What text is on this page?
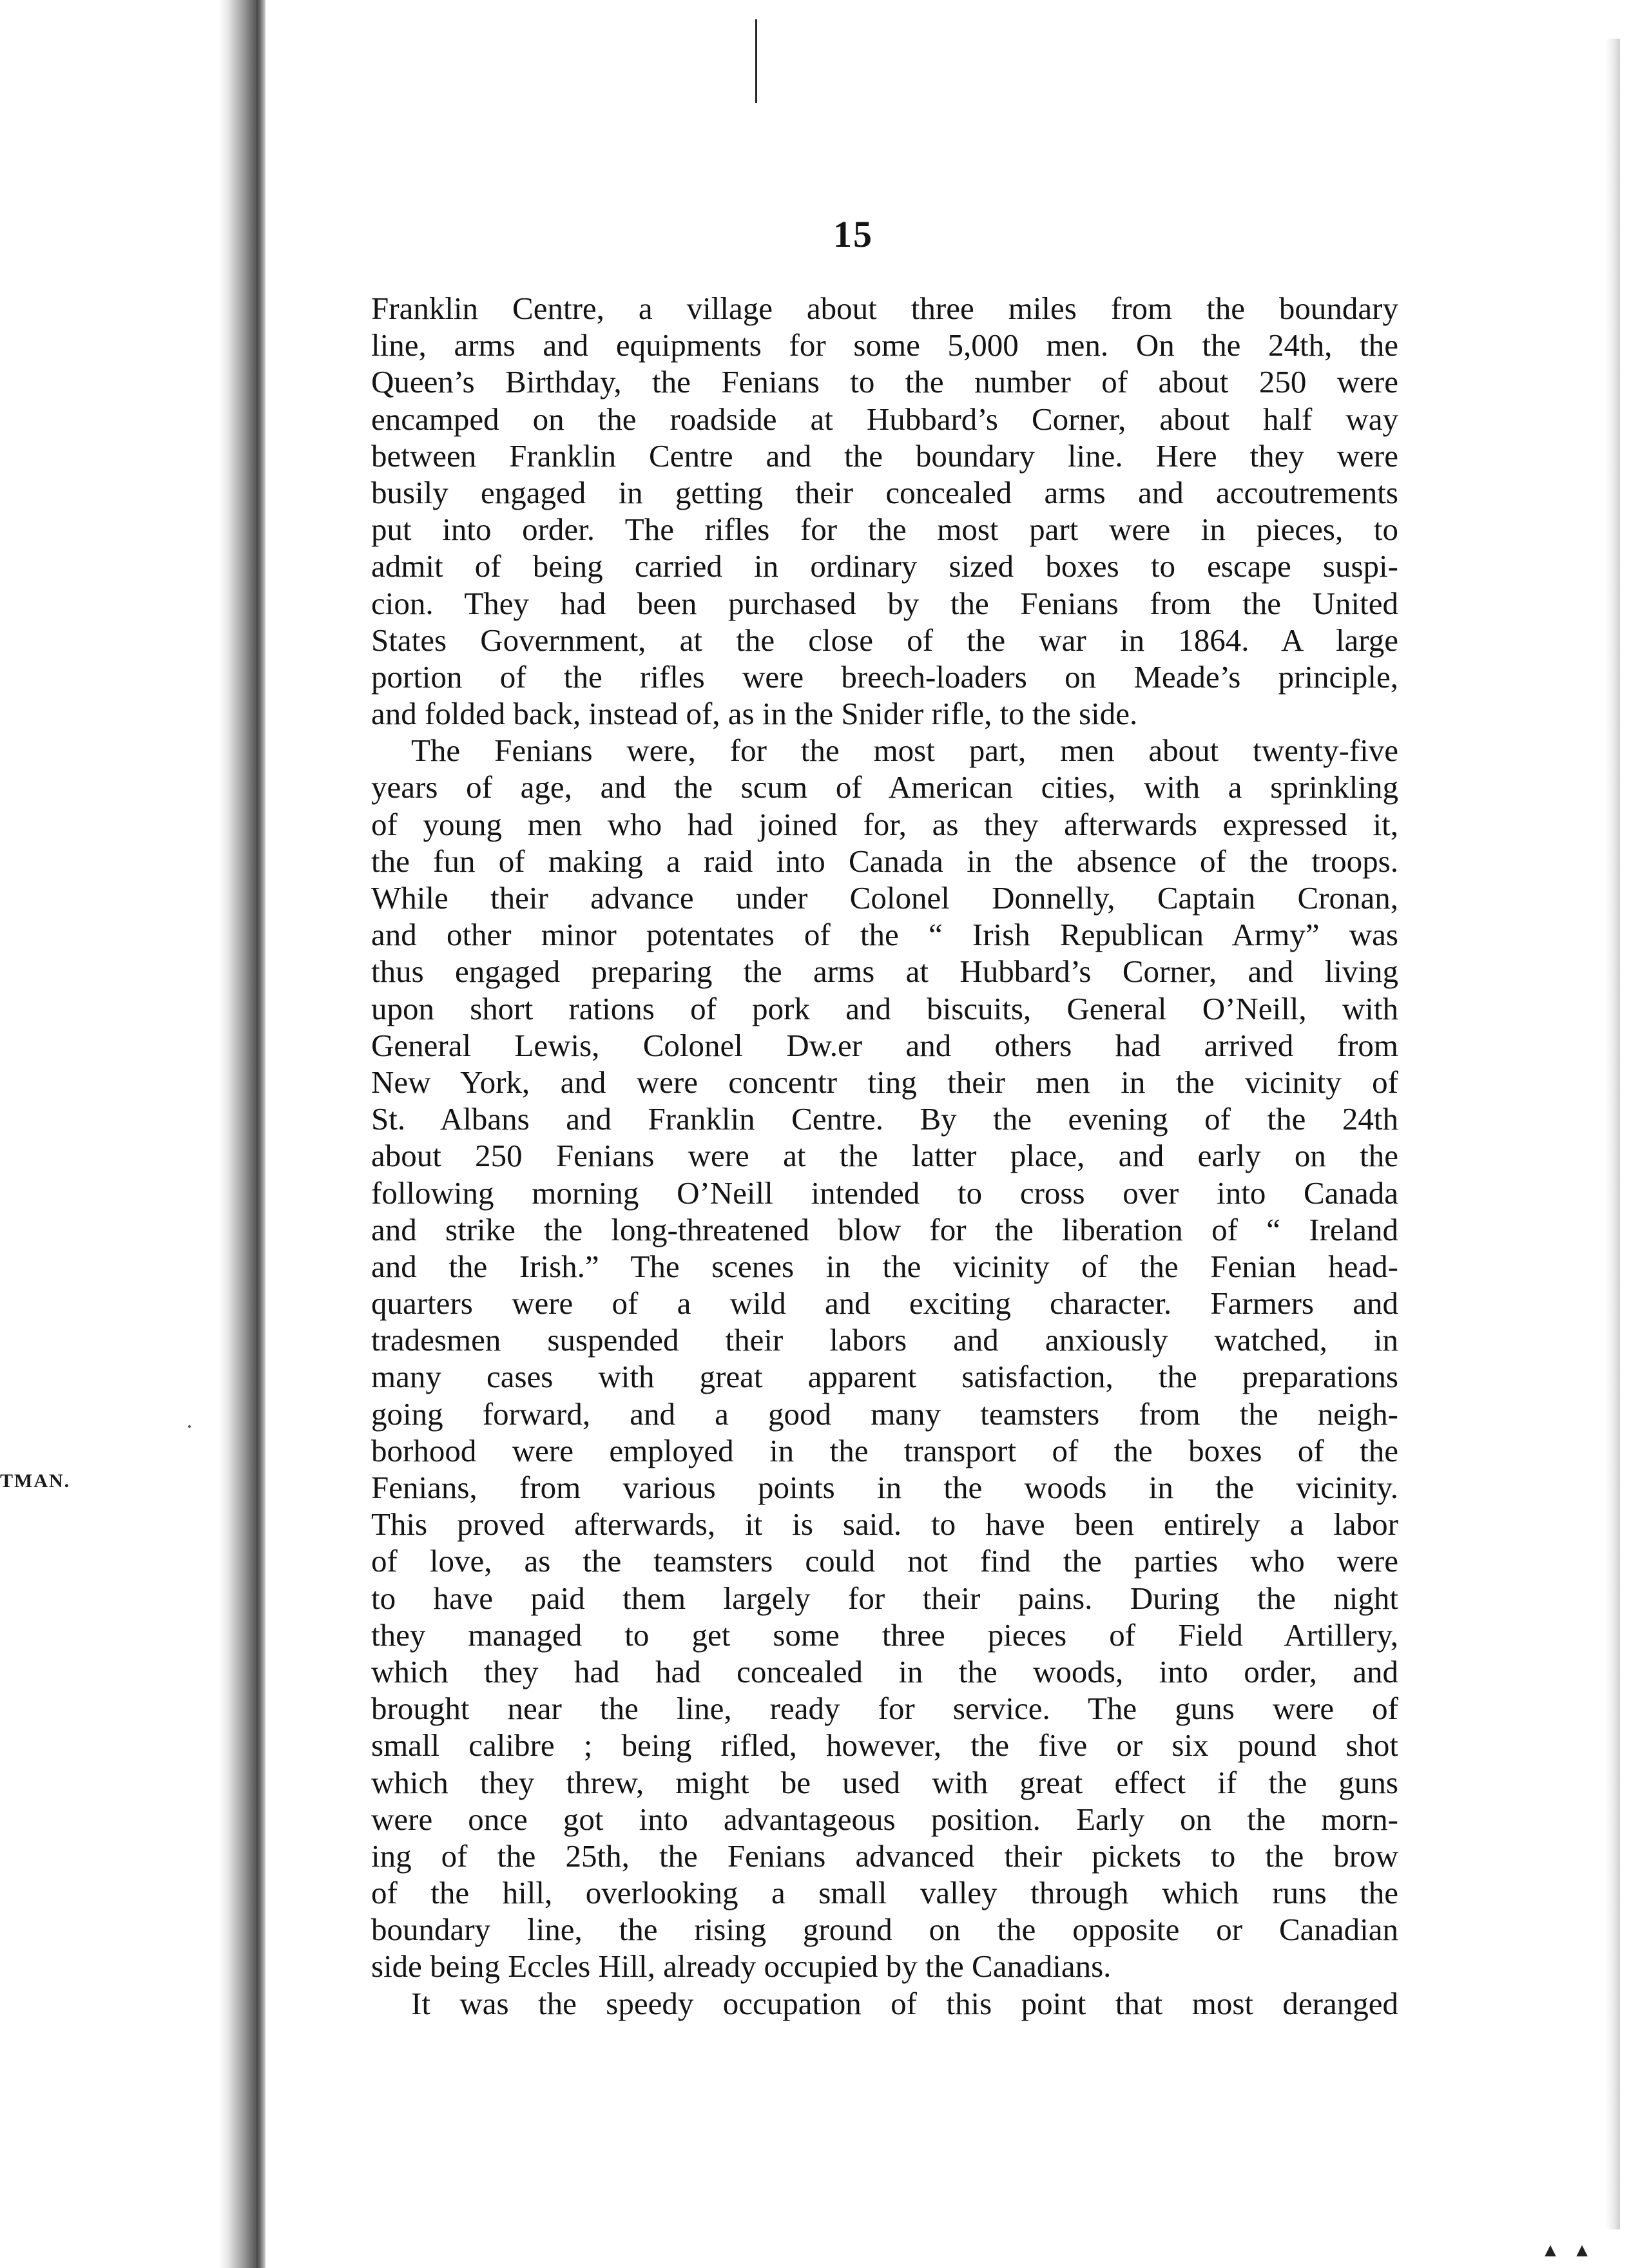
TMAN.
15
Franklin Centre, a village about three miles from the boundary
line, arms and equipments for some 5,000 men. On the 24th, the
Queen’s Birthday, the Fenians to the number of about 250 were
encamped on the roadside at Hubbard’s Corner, about half way
between Franklin Centre and the boundary line. Here they were
busily engaged in getting their concealed arms and accoutrements
put into order. The rifles for the most part were in pieces, to
admit of being carried in ordinary sized boxes to escape suspi-
cion. They had been purchased by the Fenians from the United
States Government, at the close of the war in 1864. A large
portion of the rifles were breech-loaders on Meade’s principle,
and folded back, instead of, as in the Snider rifle, to the side.
The Fenians were, for the most part, men about twenty-five
years of age, and the scum of American cities, with a sprinkling
of young men who had joined for, as they afterwards expressed it,
the fun of making a raid into Canada in the absence of the troops.
While their advance under Colonel Donnelly, Captain Cronan,
and other minor potentates of the “ Irish Republican Army” was
thus engaged preparing the arms at Hubbard’s Corner, and living
upon short rations of pork and biscuits, General O’Neill, with
General Lewis, Colonel Dw.er and others had arrived from
New York, and were concentr ting their men in the vicinity of
St. Albans and Franklin Centre. By the evening of the 24th
about 250 Fenians were at the latter place, and early on the
following morning O’Neill intended to cross over into Canada
and strike the long-threatened blow for the liberation of “ Ireland
and the Irish.” The scenes in the vicinity of the Fenian head-
quarters were of a wild and exciting character. Farmers and
tradesmen suspended their labors and anxiously watched, in
many cases with great apparent satisfaction, the preparations
going forward, and a good many teamsters from the neigh-
borhood were employed in the transport of the boxes of the
Fenians, from various points in the woods in the vicinity.
This proved afterwards, it is said. to have been entirely a labor
of love, as the teamsters could not find the parties who were
to have paid them largely for their pains. During the night
they managed to get some three pieces of Field Artillery,
which they had had concealed in the woods, into order, and
brought near the line, ready for service. The guns were of
small calibre ; being rifled, however, the five or six pound shot
which they threw, might be used with great effect if the guns
were once got into advantageous position. Early on the morn-
ing of the 25th, the Fenians advanced their pickets to the brow
of the hill, overlooking a small valley through which runs the
boundary line, the rising ground on the opposite or Canadian
side being Eccles Hill, already occupied by the Canadians.
It was the speedy occupation of this point that most deranged
▲ ▲
